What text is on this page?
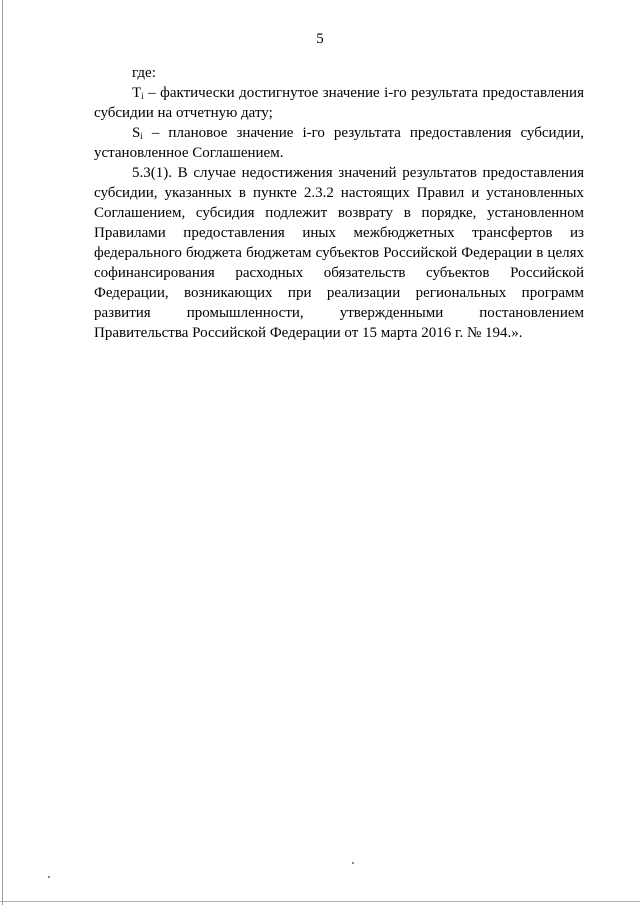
5

где:

$T_i$ – фактически достигнутое значение i-го результата предоставления субсидии на отчетную дату;

$S_i$ – плановое значение i-го результата предоставления субсидии, установленное Соглашением.

5.3(1). В случае недостижения значений результатов предоставления субсидии, указанных в пункте 2.3.2 настоящих Правил и установленных Соглашением, субсидия подлежит возврату в порядке, установленном Правилами предоставления иных межбюджетных трансфертов из федерального бюджета бюджетам субъектов Российской Федерации в целях софинансирования расходных обязательств субъектов Российской Федерации, возникающих при реализации региональных программ развития промышленности, утвержденными постановлением Правительства Российской Федерации от 15 марта 2016 г. № 194.».
